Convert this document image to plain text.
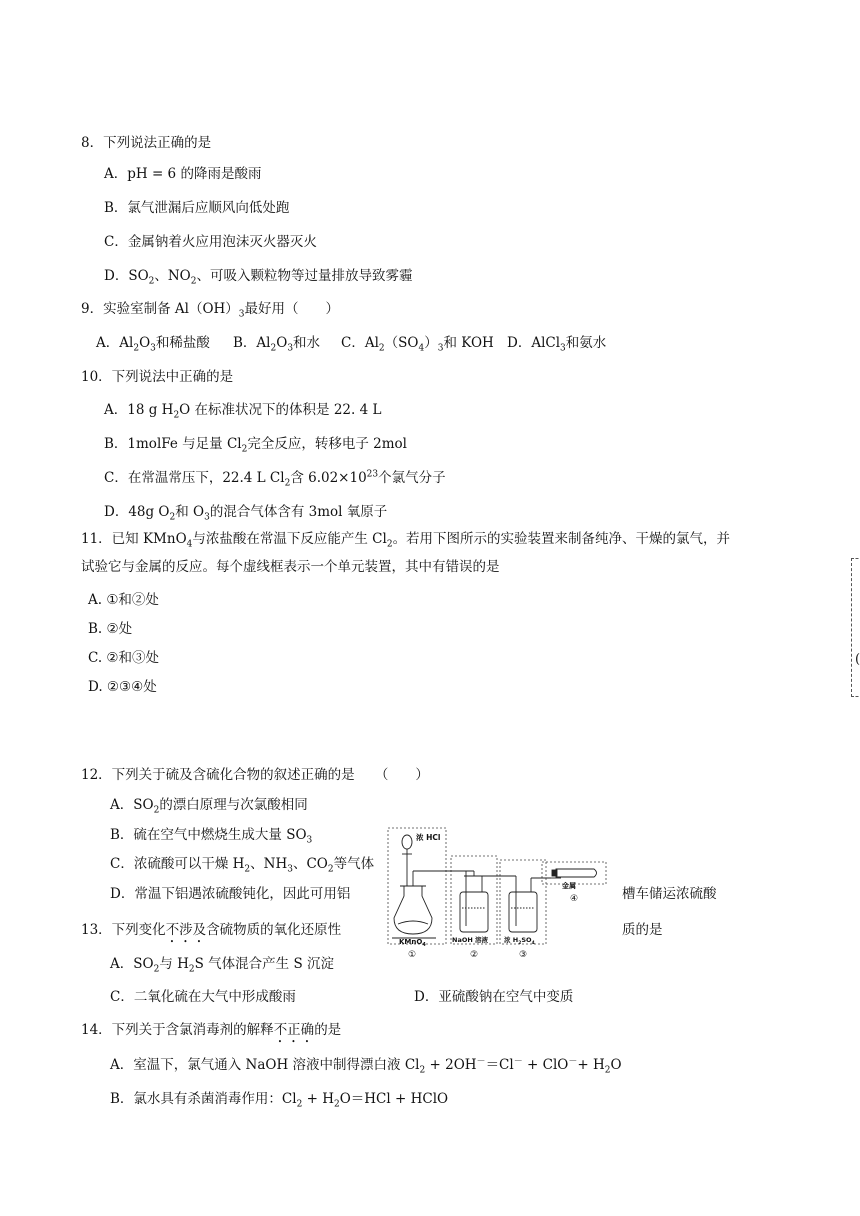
8．下列说法正确的是
A．pH = 6 的降雨是酸雨
B．氯气泄漏后应顺风向低处跑
C．金属钠着火应用泡沫灭火器灭火
D．$SO_2$、$NO_2$、可吸入颗粒物等过量排放导致雾霾
9．实验室制备 $Al(OH)_3$最好用（　　）
A．$Al_2O_3$和稀盐酸 B．$Al_2O_3$和水 C．$Al_2(SO_4)_3$和 KOH D．AlCl$_3$和氨水
10．下列说法中正确的是
A．18 g $H_2O$ 在标准状况下的体积是 22. 4 L
B．1molFe 与足量 $Cl_2$完全反应，转移电子 2mol
C．在常温常压下，22.4 L $Cl_2$含 $6.02\times 10^{23}$个氯气分子
D．48g $O_2$和 $O_3$的混合气体含有 3mol 氧原子
11．已知 KMnO$_4$与浓盐酸在常温下反应能产生 $Cl_2$。若用下图所示的实验装置来制备纯净、干燥的氯气，并
试验它与金属的反应。每个虚线框表示一个单元装置，其中有错误的是
A. ①和②处
B. ②处
C. ②和③处
D. ②③④处
(
12．下列关于硫及含硫化合物的叙述正确的是　　（　　）
A．$SO_2$的漂白原理与次氯酸相同
B．硫在空气中燃烧生成大量 $SO_3$
C．浓硫酸可以干燥 $H_2$、$NH_3$、$CO_2$等气体
D．常温下铝遇浓硫酸钝化，因此可用铝	槽车储运浓硫酸
13．下列变化不涉及含硫物质的氧化还原性	质的是
A．$SO_2$与 $H_2S$ 气体混合产生 S 沉淀
C．二氧化硫在大气中形成酸雨	D．亚硫酸钠在空气中变质
14．下列关于含氯消毒剂的解释不正确的是
A．室温下，氯气通入 NaOH 溶液中制得漂白液 $Cl_2 + 2OH^-=Cl^- + ClO^-+ H_2O$
B．氯水具有杀菌消毒作用：$Cl_2 + H_2O=HCl$ + HClO
浓 HCl
KMnO$_4$
NaOH 溶液 浓 $H_2SO_4$
金属
①	②	③
④
